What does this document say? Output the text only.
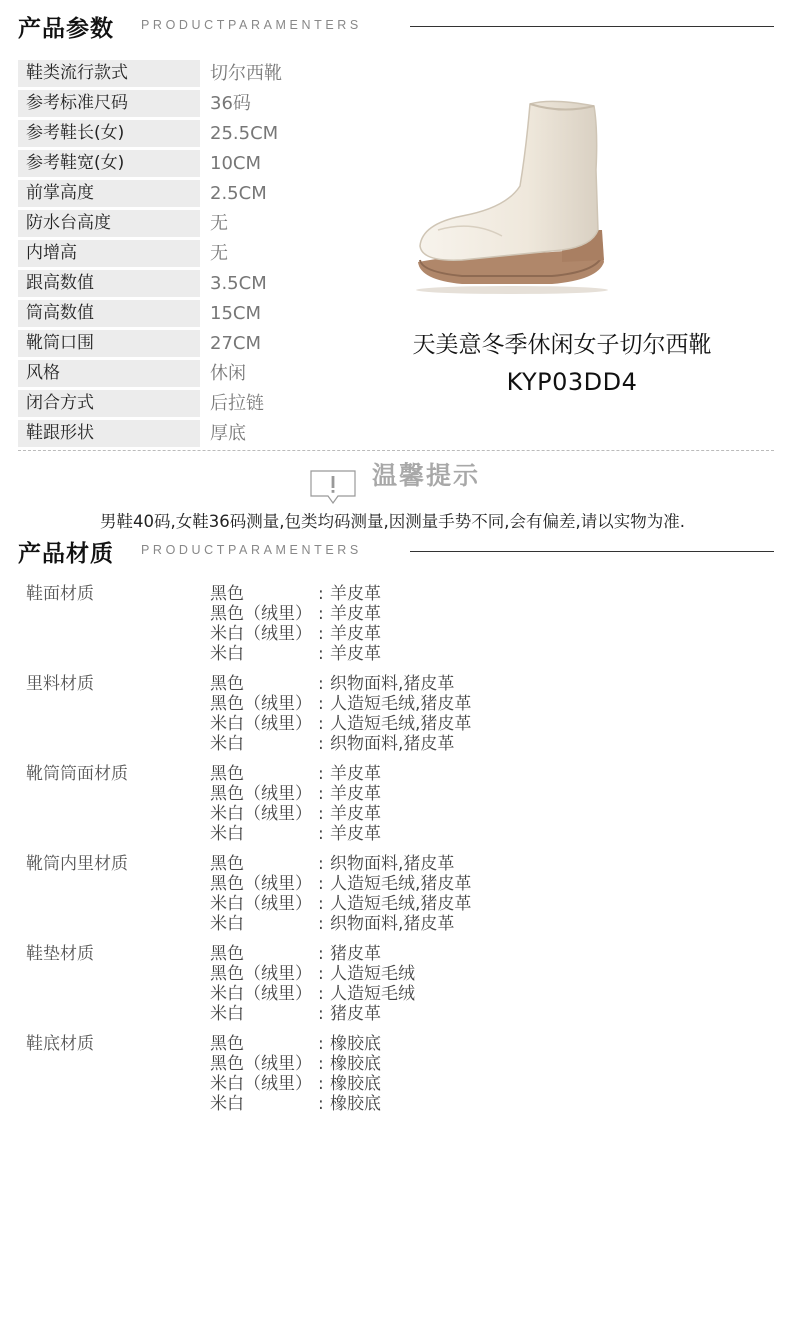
产品参数 PRODUCTPARAMENTERS
鞋类流行款式	切尔西靴
参考标准尺码	36码
参考鞋长(女)	25.5CM
参考鞋宽(女)	10CM
前掌高度	2.5CM
防水台高度	无
内增高	无
跟高数值	3.5CM
筒高数值	15CM
靴筒口围	27CM
风格	休闲
闭合方式	后拉链
鞋跟形状	厚底
天美意冬季休闲女子切尔西靴
KYP03DD4
温馨提示
男鞋40码,女鞋36码测量,包类均码测量,因测量手势不同,会有偏差,请以实物为准.
产品材质 PRODUCTPARAMENTERS
鞋面材质	黑色	: 羊皮革
黑色（绒里） : 羊皮革
米白（绒里） : 羊皮革
米白	: 羊皮革
里料材质	黑色	: 织物面料,猪皮革
黑色（绒里） : 人造短毛绒,猪皮革
米白（绒里） : 人造短毛绒,猪皮革
米白	: 织物面料,猪皮革
靴筒筒面材质	黑色	: 羊皮革
黑色（绒里） : 羊皮革
米白（绒里） : 羊皮革
米白	: 羊皮革
靴筒内里材质	黑色	: 织物面料,猪皮革
黑色（绒里） : 人造短毛绒,猪皮革
米白（绒里） : 人造短毛绒,猪皮革
米白	: 织物面料,猪皮革
鞋垫材质	黑色	: 猪皮革
黑色（绒里） : 人造短毛绒
米白（绒里） : 人造短毛绒
米白	: 猪皮革
鞋底材质	黑色	: 橡胶底
黑色（绒里） : 橡胶底
米白（绒里） : 橡胶底
米白	: 橡胶底
